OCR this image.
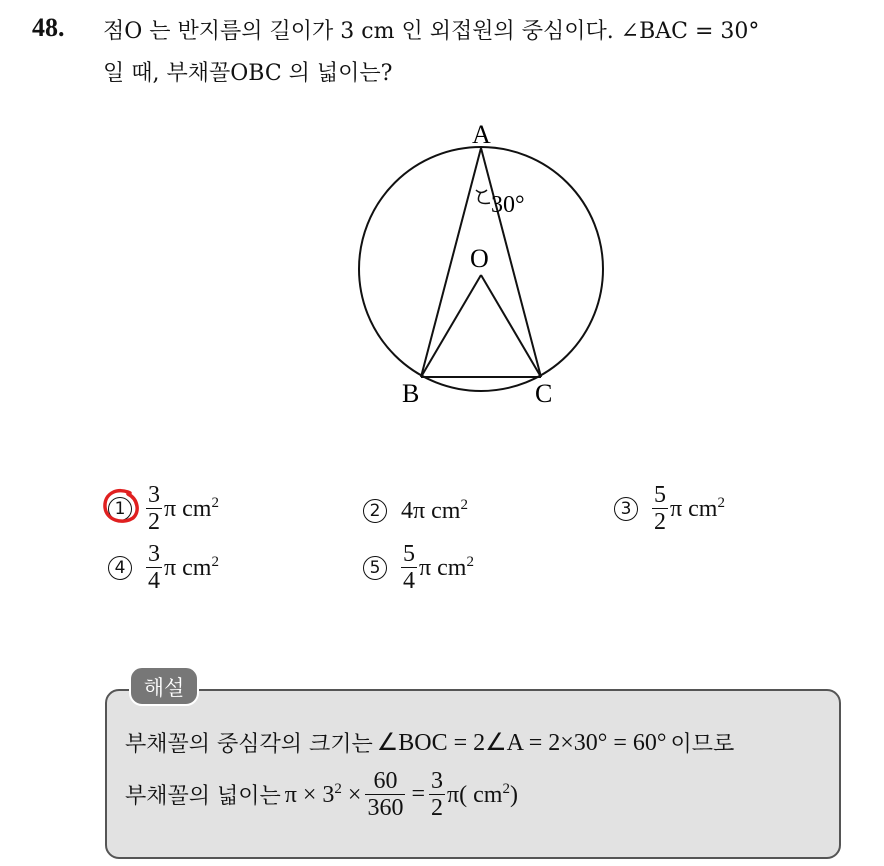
48. 점O 는 반지름의 길이가 3 cm 인 외접원의 중심이다. ∠BAC = 30°
일 때, 부채꼴OBC 의 넓이는?
A
B	C
O
30°
$1 \frac{3}{2}$ π $cm^2$	2 4π $cm^2$	$3 \frac{5}{2}$ π $cm^2$
$4 \frac{3}{4}$ π $cm^2$	$5 \frac{5}{4}$ π $cm^2$
해설
부채꼴의 중심각의 크기는 ∠BOC = 2∠A = 2×30° = 60° 이므로
부채꼴의 넓이는 $\pi \times 3^2 \times \frac{60}{360} = \frac{3}{2} \pi$( $cm^2$)
